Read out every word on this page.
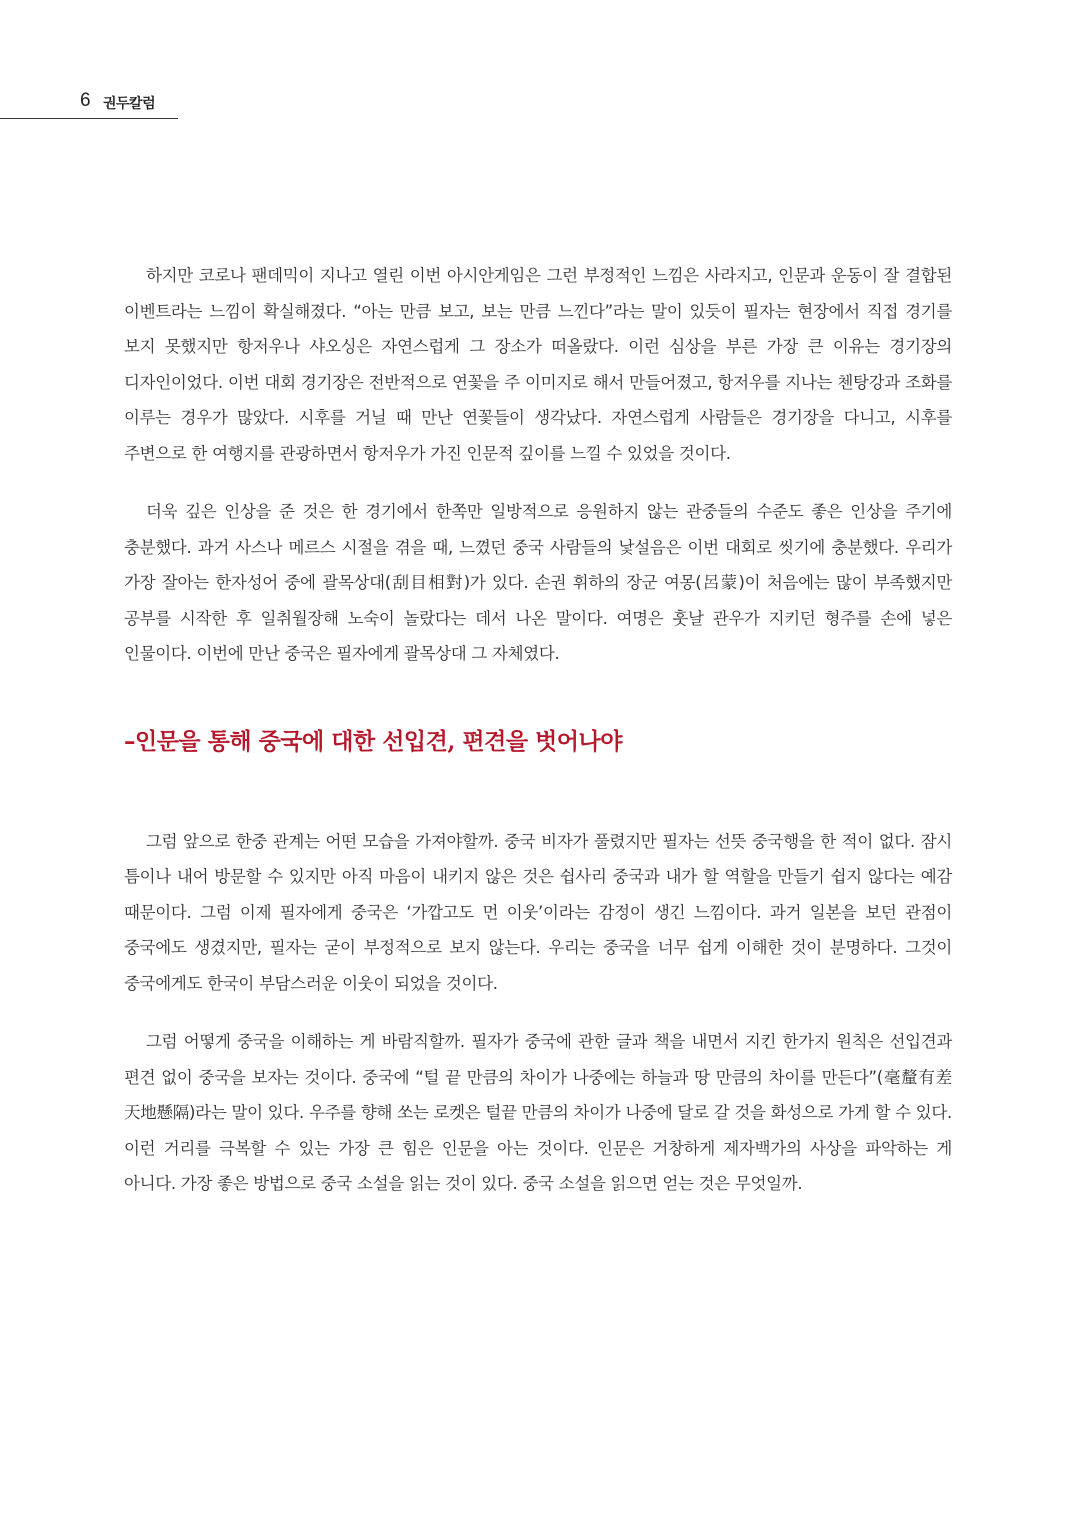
6 권두칼럼

하지만 코로나 팬데믹이 지나고 열린 이번 아시안게임은 그런 부정적인 느낌은 사라지고, 인문과 운동이 잘 결합된 이벤트라는 느낌이 확실해졌다. “아는 만큼 보고, 보는 만큼 느낀다”라는 말이 있듯이 필자는 현장에서 직접 경기를 보지 못했지만 항저우나 샤오싱은 자연스럽게 그 장소가 떠올랐다. 이런 심상을 부른 가장 큰 이유는 경기장의 디자인이었다. 이번 대회 경기장은 전반적으로 연꽃을 주 이미지로 해서 만들어졌고, 항저우를 지나는 첸탕강과 조화를 이루는 경우가 많았다. 시후를 거닐 때 만난 연꽃들이 생각났다. 자연스럽게 사람들은 경기장을 다니고, 시후를 주변으로 한 여행지를 관광하면서 항저우가 가진 인문적 깊이를 느낄 수 있었을 것이다.

더욱 깊은 인상을 준 것은 한 경기에서 한쪽만 일방적으로 응원하지 않는 관중들의 수준도 좋은 인상을 주기에 충분했다. 과거 사스나 메르스 시절을 겪을 때, 느꼈던 중국 사람들의 낯설음은 이번 대회로 씻기에 충분했다. 우리가 가장 잘아는 한자성어 중에 괄목상대(刮目相對)가 있다. 손권 휘하의 장군 여몽(呂蒙)이 처음에는 많이 부족했지만 공부를 시작한 후 일취월장해 노숙이 놀랐다는 데서 나온 말이다. 여명은 훗날 관우가 지키던 형주를 손에 넣은 인물이다. 이번에 만난 중국은 필자에게 괄목상대 그 자체였다.

–인문을 통해 중국에 대한 선입견, 편견을 벗어나야

그럼 앞으로 한중 관계는 어떤 모습을 가져야할까. 중국 비자가 풀렸지만 필자는 선뜻 중국행을 한 적이 없다. 잠시 틈이나 내어 방문할 수 있지만 아직 마음이 내키지 않은 것은 쉽사리 중국과 내가 할 역할을 만들기 쉽지 않다는 예감 때문이다. 그럼 이제 필자에게 중국은 ‘가깝고도 먼 이웃’이라는 감정이 생긴 느낌이다. 과거 일본을 보던 관점이 중국에도 생겼지만, 필자는 굳이 부정적으로 보지 않는다. 우리는 중국을 너무 쉽게 이해한 것이 분명하다. 그것이 중국에게도 한국이 부담스러운 이웃이 되었을 것이다.

그럼 어떻게 중국을 이해하는 게 바람직할까. 필자가 중국에 관한 글과 책을 내면서 지킨 한가지 원칙은 선입견과 편견 없이 중국을 보자는 것이다. 중국에 “털 끝 만큼의 차이가 나중에는 하늘과 땅 만큼의 차이를 만든다”(毫釐有差 天地懸隔)라는 말이 있다. 우주를 향해 쏘는 로켓은 털끝 만큼의 차이가 나중에 달로 갈 것을 화성으로 가게 할 수 있다. 이런 거리를 극복할 수 있는 가장 큰 힘은 인문을 아는 것이다. 인문은 거창하게 제자백가의 사상을 파악하는 게 아니다. 가장 좋은 방법으로 중국 소설을 읽는 것이 있다. 중국 소설을 읽으면 얻는 것은 무엇일까.
